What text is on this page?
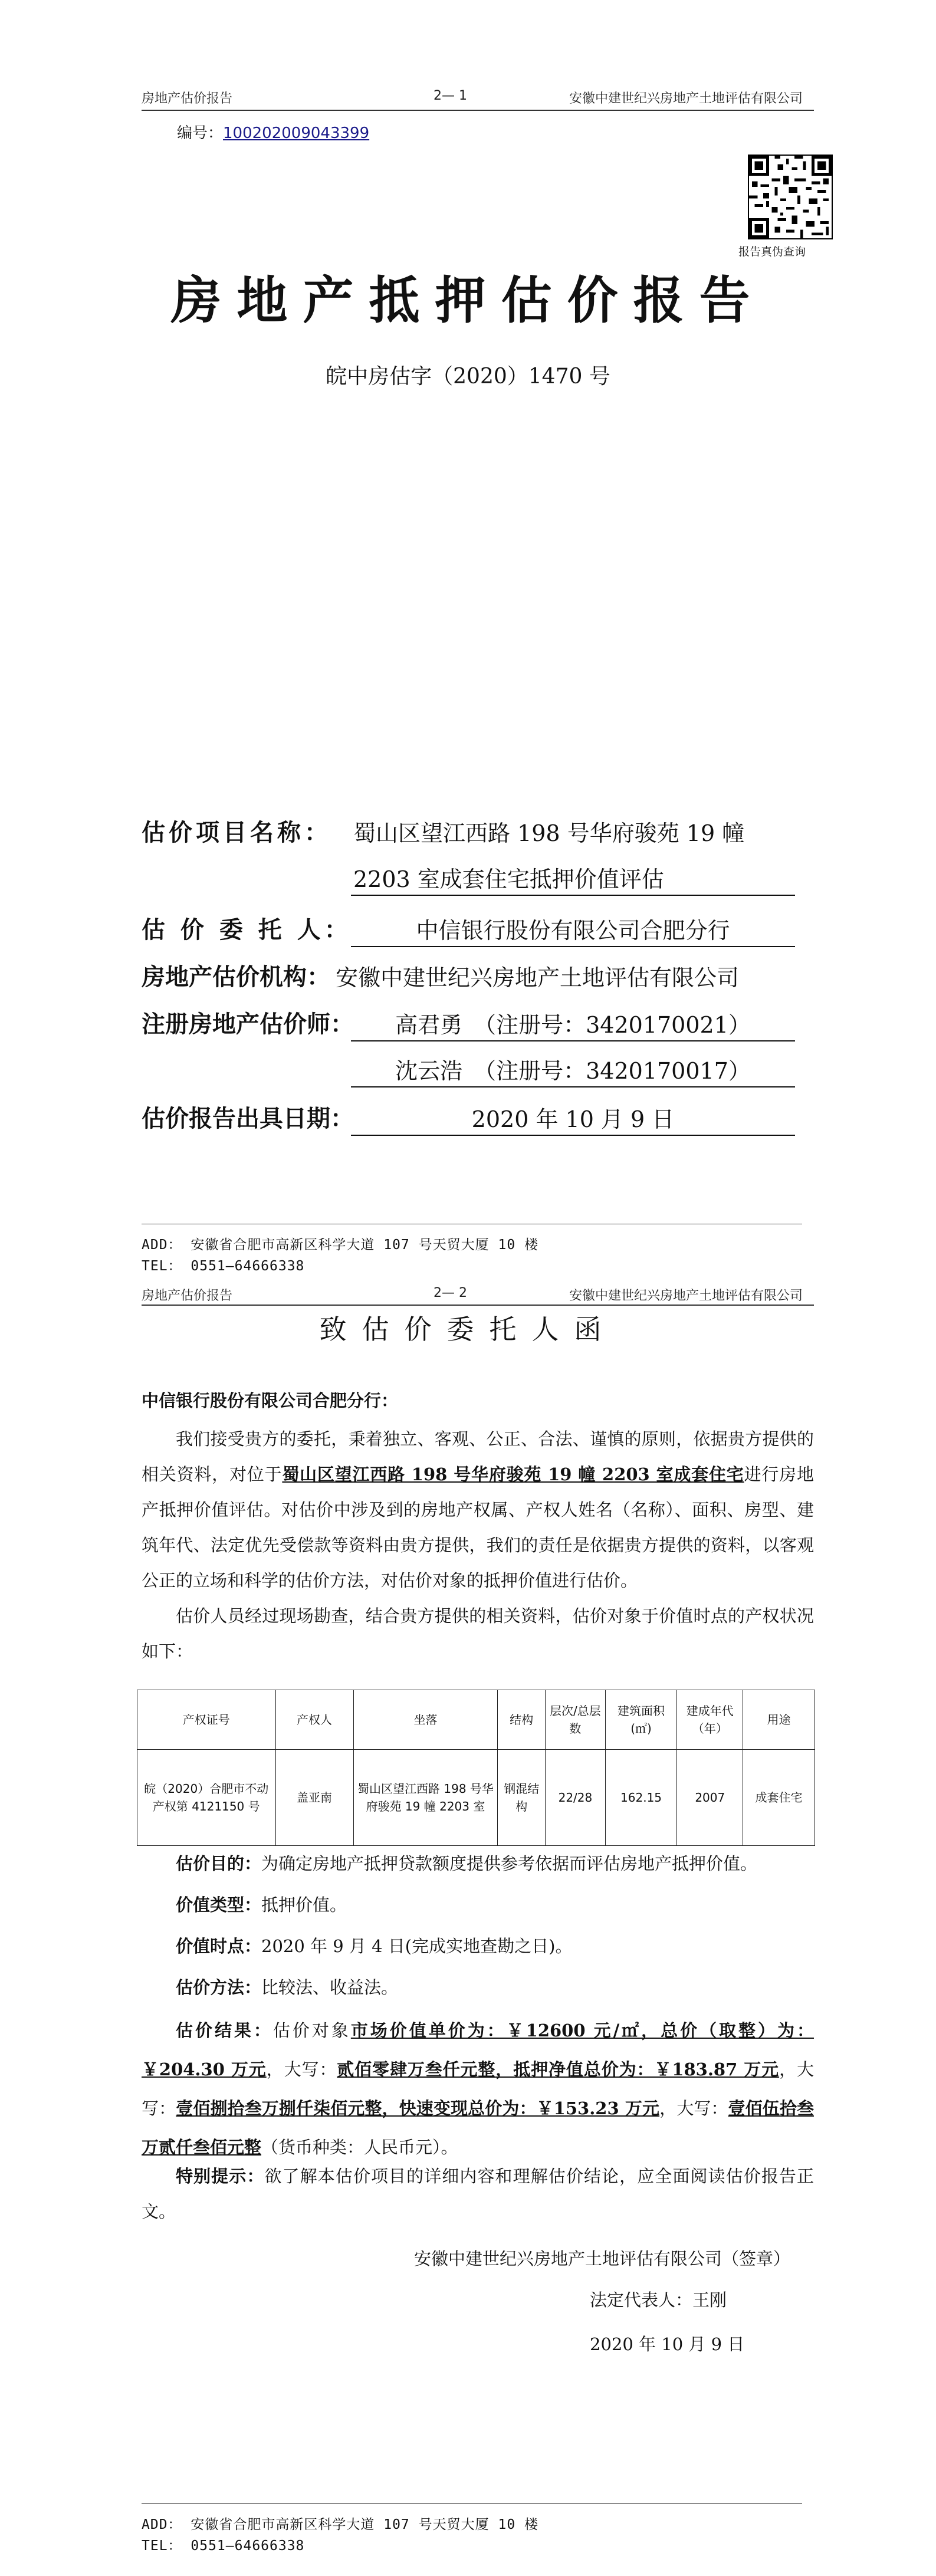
房地产估价报告	2— 1	安徽中建世纪兴房地产土地评估有限公司
编号：100202009043399
报告真伪查询
房地产抵押估价报告
皖中房估字（2020）1470 号
估价项目名称： 蜀山区望江西路 198 号华府骏苑 19 幢
2203 室成套住宅抵押价值评估
估 价 委 托 人：	中信银行股份有限公司合肥分行
房地产估价机构： 安徽中建世纪兴房地产土地评估有限公司
注册房地产估价师：	高君勇　（注册号：3420170021）
沈云浩　（注册号：3420170017）
估价报告出具日期：	2020 年 10 月 9 日
ADD： 安徽省合肥市高新区科学大道 107 号天贸大厦 10 楼
TEL： 0551—64666338
房地产估价报告	2— 2	安徽中建世纪兴房地产土地评估有限公司
致估价委托人函
中信银行股份有限公司合肥分行：
我们接受贵方的委托，秉着独立、客观、公正、合法、谨慎的原则，依据贵方提供的相关资料，对位于蜀山区望江西路 198 号华府骏苑 19 幢 2203 室成套住宅进行房地产抵押价值评估。对估价中涉及到的房地产权属、产权人姓名（名称）、面积、房型、建筑年代、法定优先受偿款等资料由贵方提供，我们的责任是依据贵方提供的资料，以客观公正的立场和科学的估价方法，对估价对象的抵押价值进行估价。
估价人员经过现场勘查，结合贵方提供的相关资料，估价对象于价值时点的产权状况如下：
产权证号	产权人	坐落	结构	层次/总层数	建筑面积(㎡)	建成年代（年）	用途
皖（2020）合肥市不动产权第 4121150 号	盖亚南	蜀山区望江西路 198 号华府骏苑 19 幢 2203 室	钢混结构	22/28	162.15	2007	成套住宅
估价目的：为确定房地产抵押贷款额度提供参考依据而评估房地产抵押价值。
价值类型：抵押价值。
价值时点：2020 年 9 月 4 日(完成实地查勘之日)。
估价方法：比较法、收益法。
估价结果：估价对象市场价值单价为：￥12600 元/㎡，总价（取整）为：￥204.30 万元，大写：贰佰零肆万叁仟元整，抵押净值总价为：￥183.87 万元，大写：壹佰捌拾叁万捌仟柒佰元整，快速变现总价为：￥153.23 万元，大写：壹佰伍拾叁万贰仟叁佰元整（货币种类：人民币元）。
特别提示：欲了解本估价项目的详细内容和理解估价结论，应全面阅读估价报告正文。
安徽中建世纪兴房地产土地评估有限公司（签章）
法定代表人：王刚
2020 年 10 月 9 日
ADD： 安徽省合肥市高新区科学大道 107 号天贸大厦 10 楼
TEL： 0551—64666338
